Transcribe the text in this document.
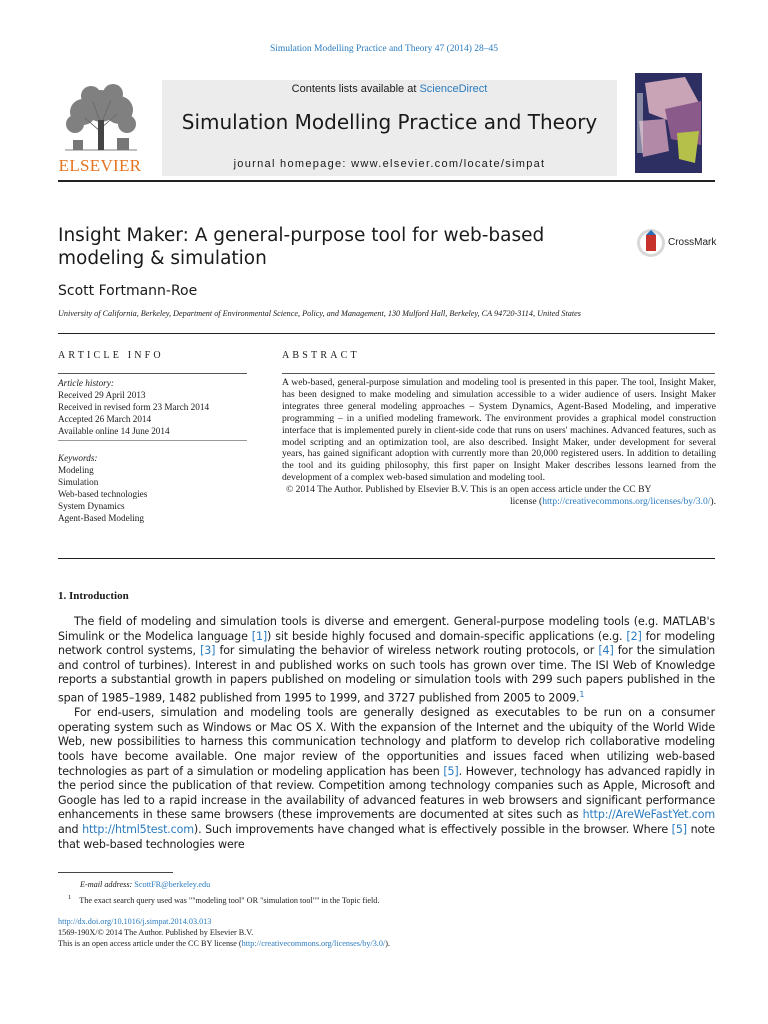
Simulation Modelling Practice and Theory 47 (2014) 28–45
ELSEVIER
Contents lists available at ScienceDirect
Simulation Modelling Practice and Theory
journal homepage: www.elsevier.com/locate/simpat
Insight Maker: A general-purpose tool for web-based modeling & simulation
CrossMark
Scott Fortmann-Roe
University of California, Berkeley, Department of Environmental Science, Policy, and Management, 130 Mulford Hall, Berkeley, CA 94720-3114, United States
ARTICLE INFO
Article history:
Received 29 April 2013
Received in revised form 23 March 2014
Accepted 26 March 2014
Available online 14 June 2014
Keywords:
Modeling
Simulation
Web-based technologies
System Dynamics
Agent-Based Modeling
ABSTRACT
A web-based, general-purpose simulation and modeling tool is presented in this paper. The tool, Insight Maker, has been designed to make modeling and simulation accessible to a wider audience of users. Insight Maker integrates three general modeling approaches – System Dynamics, Agent-Based Modeling, and imperative programming – in a unified modeling framework. The environment provides a graphical model construction interface that is implemented purely in client-side code that runs on users' machines. Advanced features, such as model scripting and an optimization tool, are also described. Insight Maker, under development for several years, has gained significant adoption with currently more than 20,000 registered users. In addition to detailing the tool and its guiding philosophy, this first paper on Insight Maker describes lessons learned from the development of a complex web-based simulation and modeling tool.
© 2014 The Author. Published by Elsevier B.V. This is an open access article under the CC BY
license (http://creativecommons.org/licenses/by/3.0/).
1. Introduction

The field of modeling and simulation tools is diverse and emergent. General-purpose modeling tools (e.g. MATLAB's Simulink or the Modelica language [1]) sit beside highly focused and domain-specific applications (e.g. [2] for modeling network control systems, [3] for simulating the behavior of wireless network routing protocols, or [4] for the simulation and control of turbines). Interest in and published works on such tools has grown over time. The ISI Web of Knowledge reports a substantial growth in papers published on modeling or simulation tools with 299 such papers published in the span of 1985–1989, 1482 published from 1995 to 1999, and 3727 published from 2005 to 2009.$^1$

For end-users, simulation and modeling tools are generally designed as executables to be run on a consumer operating system such as Windows or Mac OS X. With the expansion of the Internet and the ubiquity of the World Wide Web, new possibilities to harness this communication technology and platform to develop rich collaborative modeling tools have become available. One major review of the opportunities and issues faced when utilizing web-based technologies as part of a simulation or modeling application has been [5]. However, technology has advanced rapidly in the period since the publication of that review. Competition among technology companies such as Apple, Microsoft and Google has led to a rapid increase in the availability of advanced features in web browsers and significant performance enhancements in these same browsers (these improvements are documented at sites such as http://AreWeFastYet.com and http://html5test.com). Such improvements have changed what is effectively possible in the browser. Where [5] note that web-based technologies were

E-mail address: ScottFR@berkeley.edu
$^1$ The exact search query used was ""modeling tool" OR "simulation tool"" in the Topic field.
http://dx.doi.org/10.1016/j.simpat.2014.03.013
1569-190X/© 2014 The Author. Published by Elsevier B.V.
This is an open access article under the CC BY license (http://creativecommons.org/licenses/by/3.0/).
